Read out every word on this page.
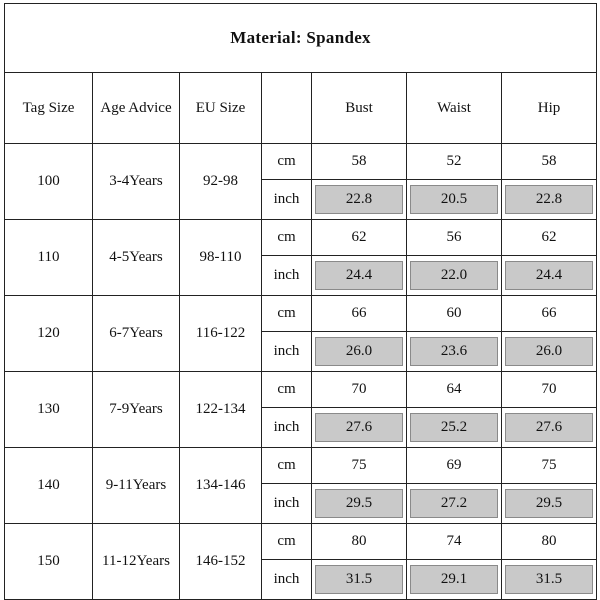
Material: Spandex						
Tag Size	Age Advice	EU Size		Bust	Waist	Hip
100	3-4Years	92-98	cm	58	52	58
			inch	22.8	20.5	22.8

110	4-5Years	98-110	cm	62	56	62
			inch	24.4	22.0	24.4

120	6-7Years	116-122	cm	66	60	66
			inch	26.0	23.6	26.0

130	7-9Years	122-134	cm	70	64	70
			inch	27.6	25.2	27.6

140	9-11Years	134-146	cm	75	69	75
			inch	29.5	27.2	29.5

150	11-12Years	146-152	cm	80	74	80
			inch	31.5	29.1	31.5
